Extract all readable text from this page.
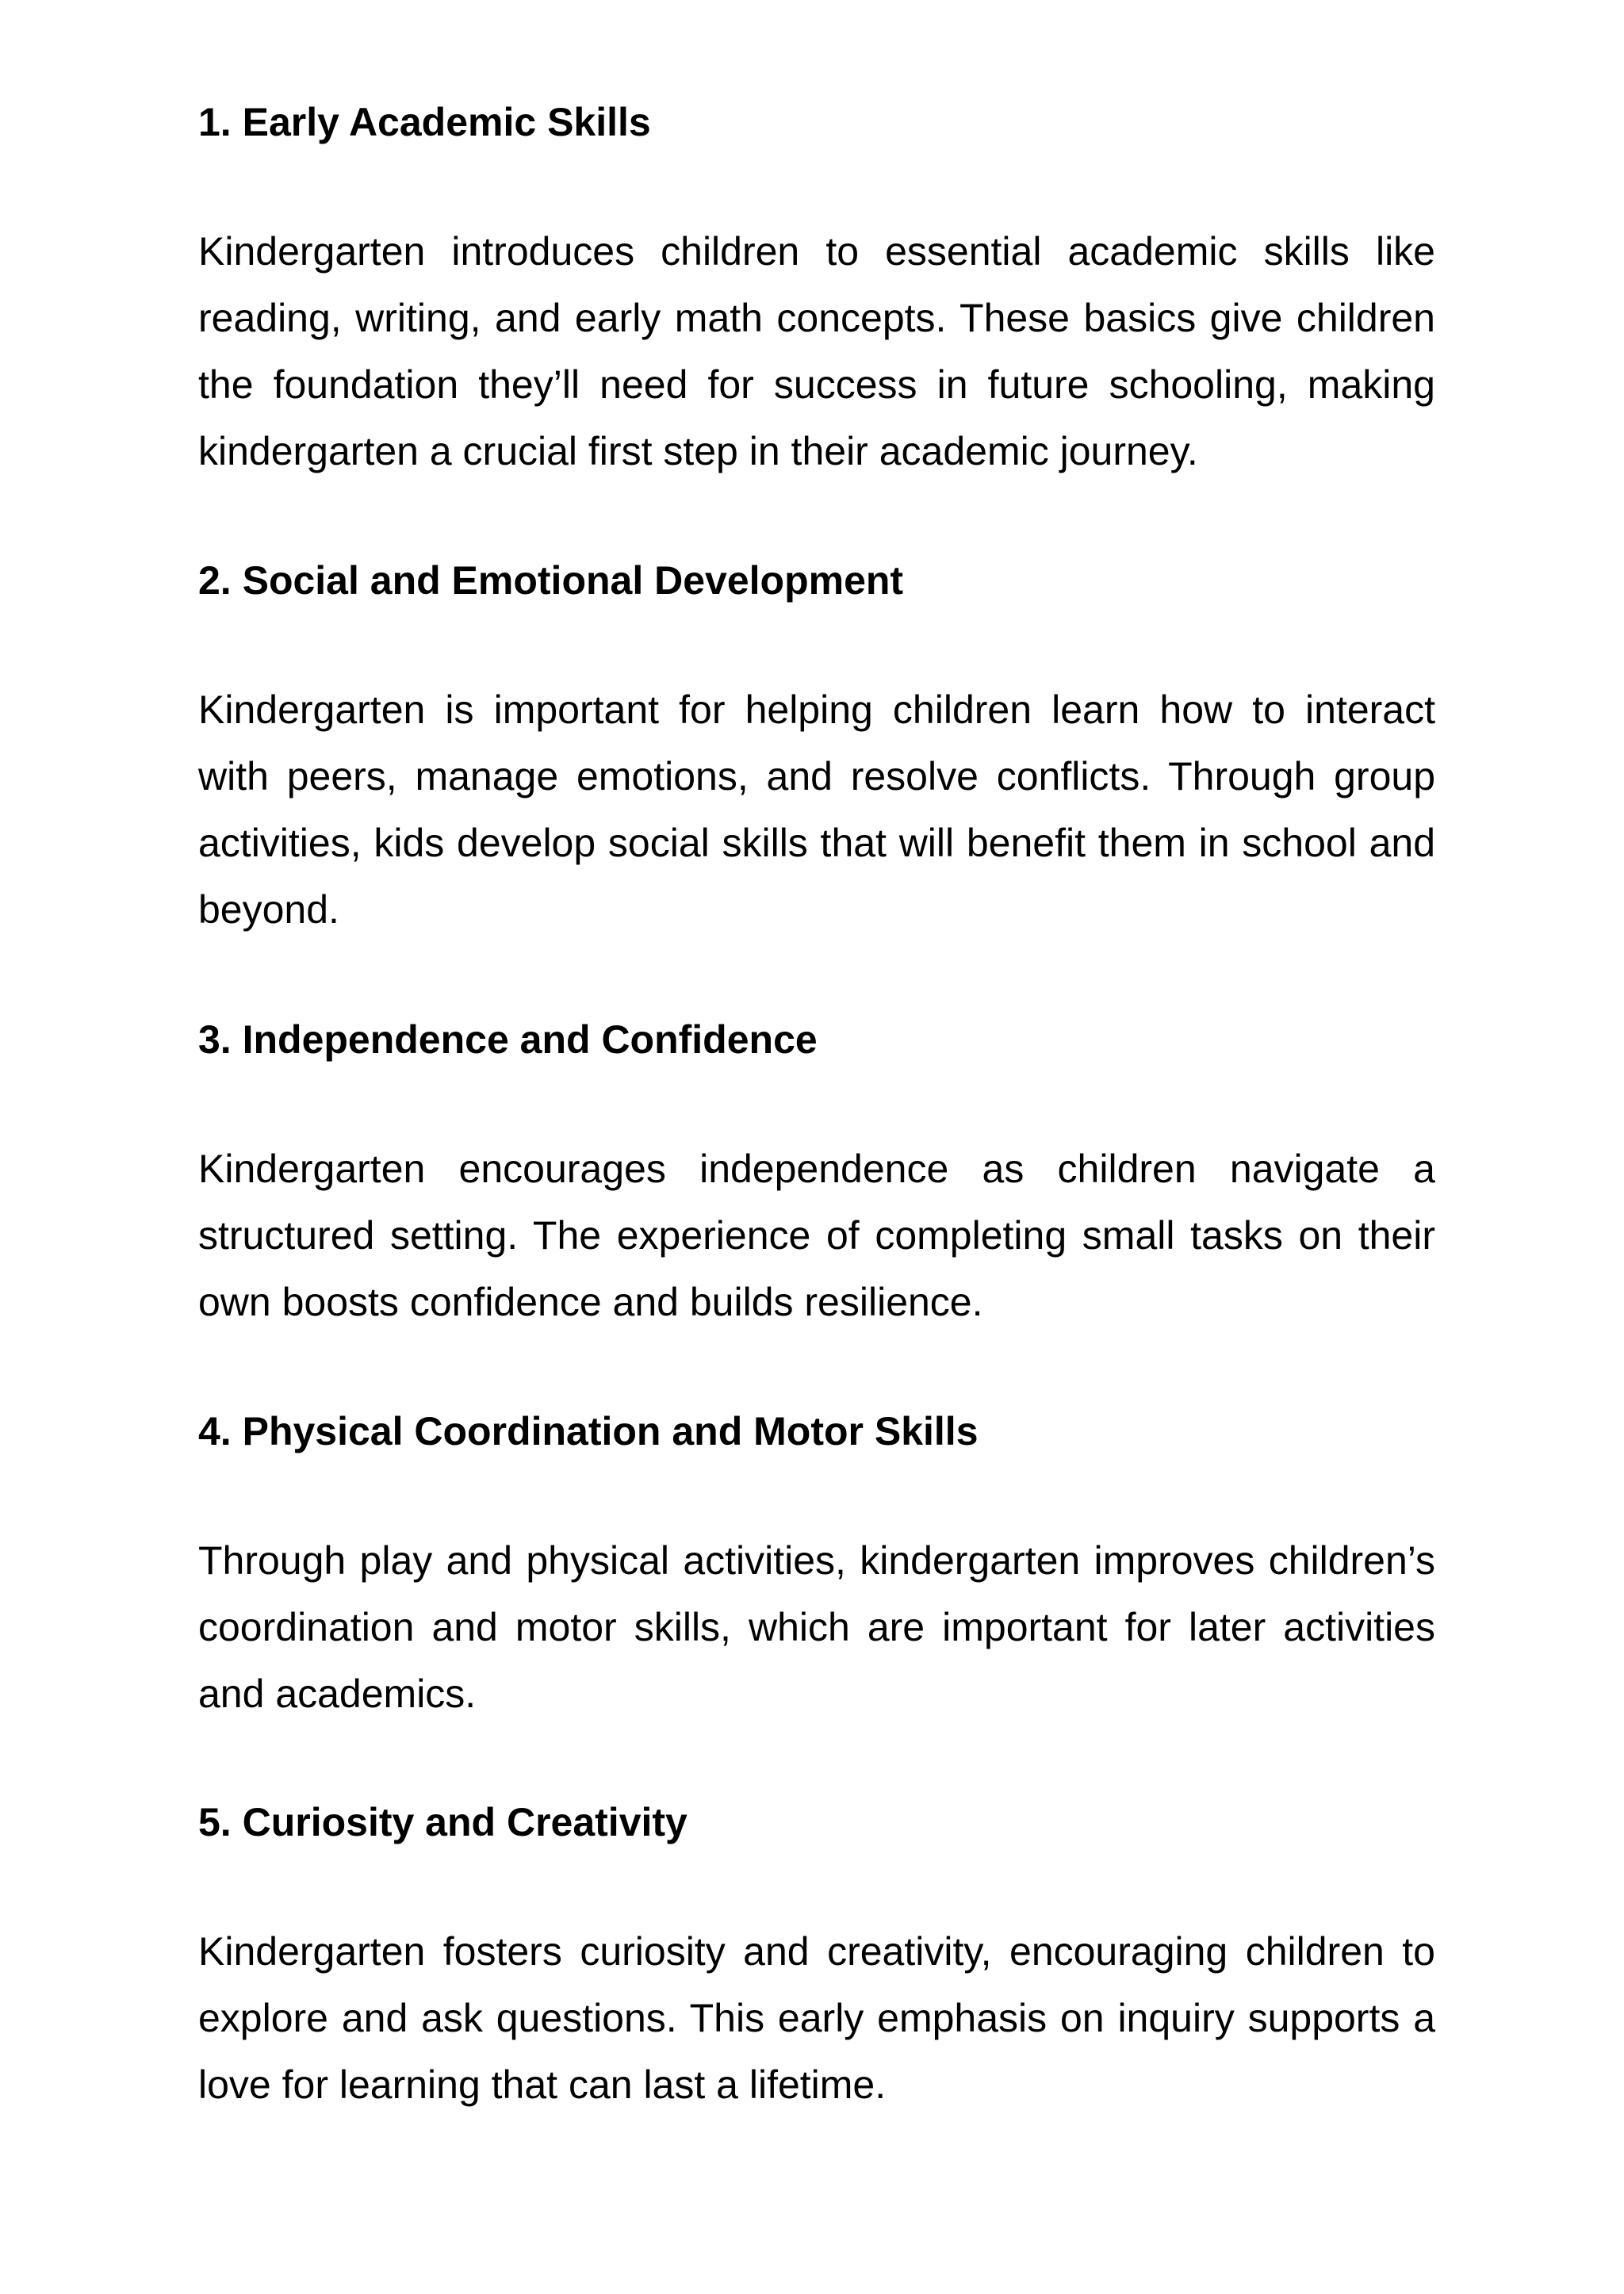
1. Early Academic Skills

Kindergarten introduces children to essential academic skills like reading, writing, and early math concepts. These basics give children the foundation they’ll need for success in future schooling, making kindergarten a crucial first step in their academic journey.

2. Social and Emotional Development

Kindergarten is important for helping children learn how to interact with peers, manage emotions, and resolve conflicts. Through group activities, kids develop social skills that will benefit them in school and beyond.

3. Independence and Confidence

Kindergarten encourages independence as children navigate a structured setting. The experience of completing small tasks on their own boosts confidence and builds resilience.

4. Physical Coordination and Motor Skills

Through play and physical activities, kindergarten improves children’s coordination and motor skills, which are important for later activities and academics.

5. Curiosity and Creativity

Kindergarten fosters curiosity and creativity, encouraging children to explore and ask questions. This early emphasis on inquiry supports a love for learning that can last a lifetime.
